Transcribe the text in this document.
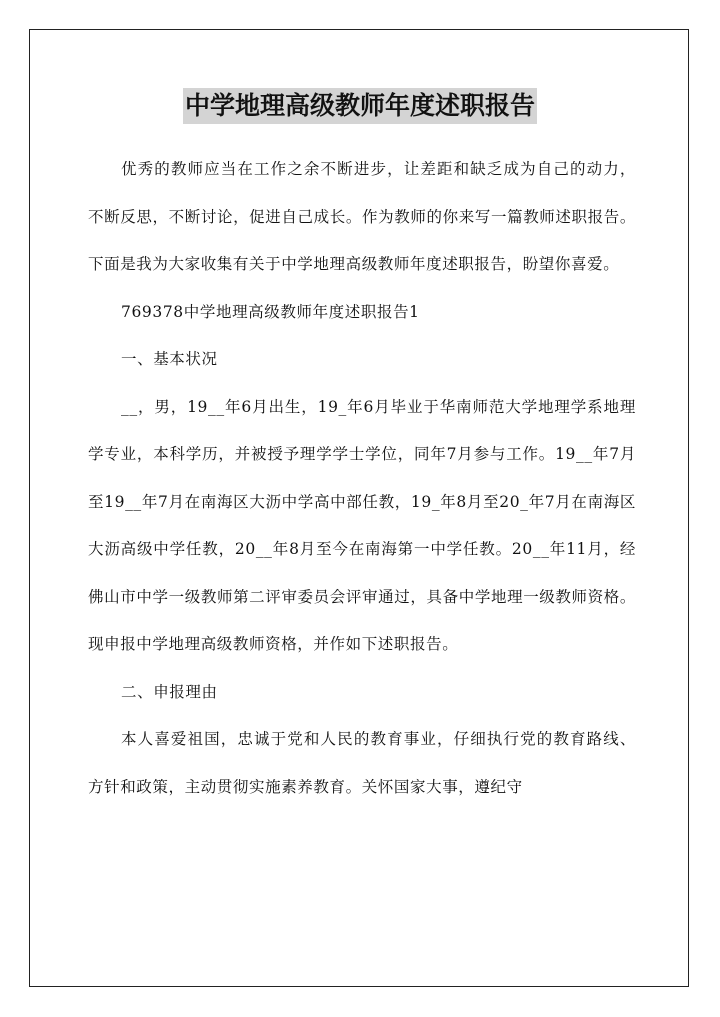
中学地理高级教师年度述职报告

优秀的教师应当在工作之余不断进步，让差距和缺乏成为自己的动力，不断反思，不断讨论，促进自己成长。作为教师的你来写一篇教师述职报告。下面是我为大家收集有关于中学地理高级教师年度述职报告，盼望你喜爱。

769378中学地理高级教师年度述职报告1

一、基本状况

__，男，19__年6月出生，19_年6月毕业于华南师范大学地理学系地理学专业，本科学历，并被授予理学学士学位，同年7月参与工作。19__年7月至19__年7月在南海区大沥中学高中部任教，19_年8月至20_年7月在南海区大沥高级中学任教，20__年8月至今在南海第一中学任教。20__年11月，经佛山市中学一级教师第二评审委员会评审通过，具备中学地理一级教师资格。现申报中学地理高级教师资格，并作如下述职报告。

二、申报理由

本人喜爱祖国，忠诚于党和人民的教育事业，仔细执行党的教育路线、方针和政策，主动贯彻实施素养教育。关怀国家大事，遵纪守
